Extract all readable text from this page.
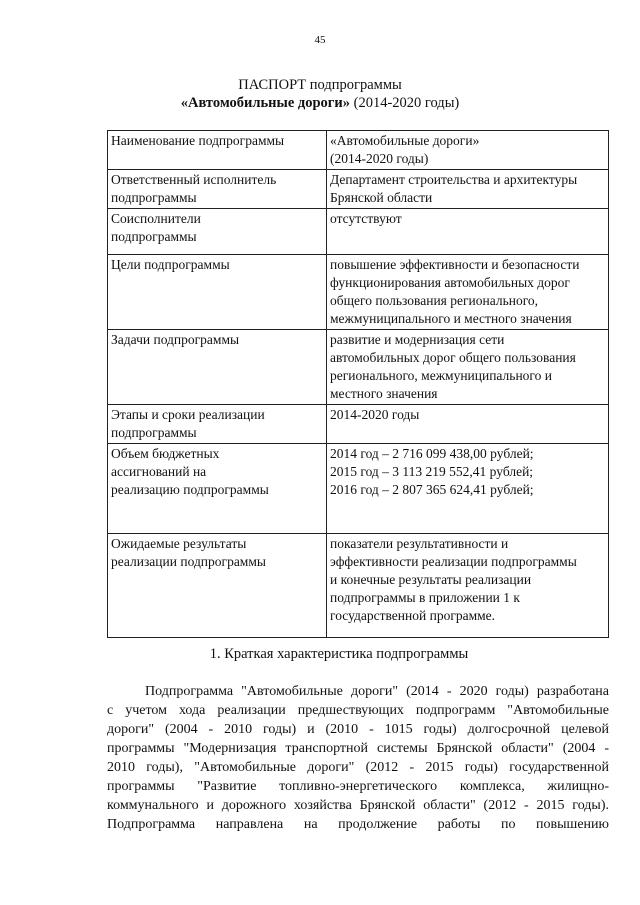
45
ПАСПОРТ подпрограммы
«Автомобильные дороги» (2014-2020 годы)
Наименование подпрограммы	«Автомобильные дороги»
(2014-2020 годы)

Ответственный исполнитель
подпрограммы	Департамент строительства и архитектуры
Брянской области

Соисполнители
подпрограммы	отсутствуют

Цели подпрограммы	повышение эффективности и безопасности
функционирования автомобильных дорог
общего пользования регионального,
межмуниципального и местного значения

Задачи подпрограммы	развитие и модернизация сети
автомобильных дорог общего пользования
регионального, межмуниципального и
местного значения

Этапы и сроки реализации
подпрограммы	2014-2020 годы

Объем бюджетных
ассигнований на
реализацию подпрограммы	2014 год – 2 716 099 438,00 рублей;
2015 год – 3 113 219 552,41 рублей;
2016 год – 2 807 365 624,41 рублей;

Ожидаемые результаты
реализации подпрограммы	показатели результативности и
эффективности реализации подпрограммы
и конечные результаты реализации
подпрограммы в приложении 1 к
государственной программе.
1. Краткая характеристика подпрограммы
Подпрограмма "Автомобильные дороги" (2014 - 2020 годы) разработана
с учетом хода реализации предшествующих подпрограмм "Автомобильные
дороги" (2004 - 2010 годы) и (2010 - 1015 годы) долгосрочной целевой
программы "Модернизация транспортной системы Брянской области" (2004 -
2010 годы), "Автомобильные дороги" (2012 - 2015 годы) государственной
программы "Развитие топливно-энергетического комплекса, жилищно-
коммунального и дорожного хозяйства Брянской области" (2012 - 2015 годы).
Подпрограмма направлена на продолжение работы по повышению
